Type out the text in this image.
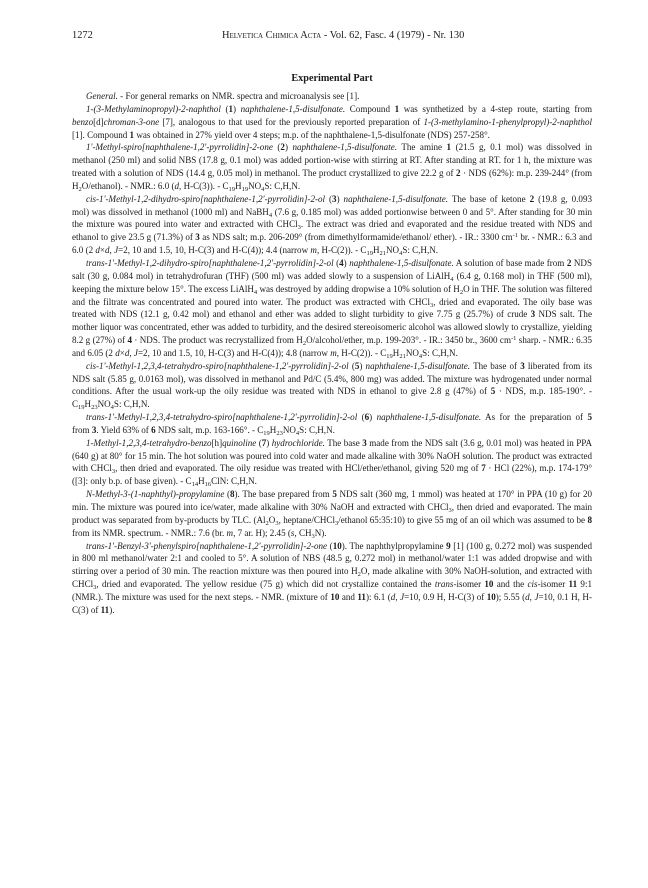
1272	Helvetica Chimica Acta - Vol. 62, Fasc. 4 (1979) - Nr. 130
Experimental Part

General. - For general remarks on NMR. spectra and microanalysis see [1].

1-(3-Methylaminopropyl)-2-naphthol (1) naphthalene-1,5-disulfonate. Compound 1 was synthetized by a 4-step route, starting from benzo[d]chroman-3-one [7], analogous to that used for the previously reported preparation of 1-(3-methylamino-1-phenylpropyl)-2-naphthol [1]. Compound 1 was obtained in 27% yield over 4 steps; m.p. of the naphthalene-1,5-disulfonate (NDS) 257-258°.

1'-Methyl-spiro[naphthalene-1,2'-pyrrolidin]-2-one (2) naphthalene-1,5-disulfonate. The amine 1 (21.5 g, 0.1 mol) was dissolved in methanol (250 ml) and solid NBS (17.8 g, 0.1 mol) was added portion-wise with stirring at RT. After standing at RT. for 1 h, the mixture was treated with a solution of NDS (14.4 g, 0.05 mol) in methanol. The product crystallized to give 22.2 g of 2 · NDS (62%): m.p. 239-244° (from $H_2O/ethanol$). - NMR.: 6.0 (d, H-C(3)). - $C_{19}H_{19}NO_4S$: C,H,N.

cis-1'-Methyl-1,2-dihydro-spiro[naphthalene-1,2'-pyrrolidin]-2-ol (3) naphthalene-1,5-disulfonate. The base of ketone 2 (19.8 g, 0.093 mol) was dissolved in methanol (1000 ml) and NaBH$_4$ (7.6 g, 0.185 mol) was added portionwise between 0 and 5°. After standing for 30 min the mixture was poured into water and extracted with CHCl$_3$. The extract was dried and evaporated and the residue treated with NDS and ethanol to give 23.5 g (71.3%) of 3 as NDS salt; m.p. 206-209° (from dimethylformamide/ethanol/ ether). - IR.: 3300 $cm^{-1}$ br. - NMR.: 6.3 and 6.0 (2 d×d, J=2, 10 and 1.5, 10, H-C(3) and H-C(4)); 4.4 (narrow m, H-C(2)). - $C_{19}H_{21}NO_4S$: C,H,N.

trans-1'-Methyl-1,2-dihydro-spiro[naphthalene-1,2'-pyrrolidin]-2-ol (4) naphthalene-1,5-disulfonate. A solution of base made from 2 NDS salt (30 g, 0.084 mol) in tetrahydrofuran (THF) (500 ml) was added slowly to a suspension of LiAlH$_4$ (6.4 g, 0.168 mol) in THF (500 ml), keeping the mixture below 15°. The excess LiAlH$_4$ was destroyed by adding dropwise a 10% solution of $H_2O$ in THF. The solution was filtered and the filtrate was concentrated and poured into water. The product was extracted with CHCl$_3$, dried and evaporated. The oily base was treated with NDS (12.1 g, 0.42 mol) and ethanol and ether was added to slight turbidity to give 7.75 g (25.7%) of crude 3 NDS salt. The mother liquor was concentrated, ether was added to turbidity, and the desired stereoisomeric alcohol was allowed slowly to crystallize, yielding 8.2 g (27%) of 4 · NDS. The product was recrystallized from $H_2O/alcohol$/ether, m.p. 199-203°. - IR.: 3450 br., 3600 $cm^{-1}$ sharp. - NMR.: 6.35 and 6.05 (2 d×d, J=2, 10 and 1.5, 10, H-C(3) and H-C(4)); 4.8 (narrow m, H-C(2)). - $C_{19}H_{21}NO_4S$: C,H,N.

cis-1'-Methyl-1,2,3,4-tetrahydro-spiro[naphthalene-1,2'-pyrrolidin]-2-ol (5) naphthalene-1,5-disulfonate. The base of 3 liberated from its NDS salt (5.85 g, 0.0163 mol), was dissolved in methanol and Pd/C (5.4%, 800 mg) was added. The mixture was hydrogenated under normal conditions. After the usual work-up the oily residue was treated with NDS in ethanol to give 2.8 g (47%) of 5 · NDS, m.p. 185-190°. - $C_{19}H_{23}NO_4S$: C,H,N.

trans-1'-Methyl-1,2,3,4-tetrahydro-spiro[naphthalene-1,2'-pyrrolidin]-2-ol (6) naphthalene-1,5-disulfonate. As for the preparation of 5 from 3. Yield 63% of 6 NDS salt, m.p. 163-166°. - $C_{19}H_{23}NO_4S$: C,H,N.

1-Methyl-1,2,3,4-tetrahydro-benzo[h]quinoline (7) hydrochloride. The base 3 made from the NDS salt (3.6 g, 0.01 mol) was heated in PPA (640 g) at 80° for 15 min. The hot solution was poured into cold water and made alkaline with 30% NaOH solution. The product was extracted with CHCl$_3$, then dried and evaporated. The oily residue was treated with HCl/ether/ethanol, giving 520 mg of 7 · HCl (22%), m.p. 174-179° ([3]: only b.p. of base given). - $C_{14}H_{16}ClN$: C,H,N.

N-Methyl-3-(1-naphthyl)-propylamine (8). The base prepared from 5 NDS salt (360 mg, 1 mmol) was heated at 170° in PPA (10 g) for 20 min. The mixture was poured into ice/water, made alkaline with 30% NaOH and extracted with CHCl$_3$, then dried and evaporated. The main product was separated from by-products by TLC. ($Al_2O_3$, heptane/CHCl$_3$/ethanol 65:35:10) to give 55 mg of an oil which was assumed to be 8 from its NMR. spectrum. - NMR.: 7.6 (br. m, 7 ar. H); 2.45 (s, $CH_3N$).

trans-1'-Benzyl-3'-phenylspiro[naphthalene-1,2'-pyrrolidin]-2-one (10). The naphthylpropylamine 9 [1] (100 g, 0.272 mol) was suspended in 800 ml methanol/water 2:1 and cooled to 5°. A solution of NBS (48.5 g, 0.272 mol) in methanol/water 1:1 was added dropwise and with stirring over a period of 30 min. The reaction mixture was then poured into $H_2O$, made alkaline with 30% NaOH-solution, and extracted with CHCl$_3$, dried and evaporated. The yellow residue (75 g) which did not crystallize contained the trans-isomer 10 and the cis-isomer 11 9:1 (NMR.). The mixture was used for the next steps. - NMR. (mixture of 10 and 11): 6.1 (d, J=10, 0.9 H, H-C(3) of 10); 5.55 (d, J=10, 0.1 H, H-C(3) of 11).
